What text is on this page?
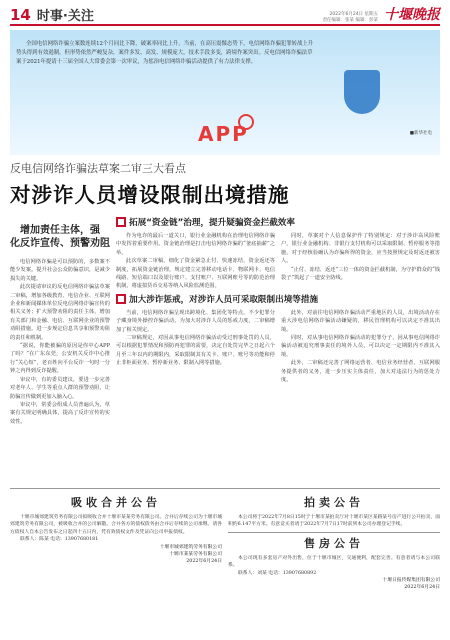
14 时事·关注	2022年6月24日 星期五
责任编辑：张某 编辑：彭某 十堰晚报
全国电信网络诈骗立案数连续12个月同比下降，破案率同比上升。当前，在高压震慑态势下，电信网络诈骗犯罪转战上升势头得到有效遏制，但形势依然严峻复杂，案件多发、高发、规模庞大，技术手段多变，跨境作案突出。反电信网络诈骗法草案于2021年提请十三届全国人大常委会第一次审议，为惩治电信网络诈骗活动提供了有力法律支撑。
APP	■新华社电
反电信网络诈骗法草案二审三大看点
对涉诈人员增设限制出境措施
增加责任主体，强
化反诈宣传、预警劝阻

电信网络诈骗是可以预防的，多数案不能少发案。提升社会公众防骗意识，是减少损失的关键。

此次提请审议的反电信网络诈骗法草案二审稿，增加各级教育、电信企业、互联网企业和新闻媒体单位反电信网络诈骗宣传的相关义务；扩大预警劝阻的责任主体，增加有关部门和金融、电信、互联网企业的预警劝阻措施。进一步规定信息共享和预警劝阻的责任和机制。

“据说，你能被骗的原因是你中心APP了吗？”在广东东莞，公安机关反诈中心推行“关心短”，老百姓向平台反诈一句时一分钟之内得到反诈提醒。

审议中，有的委员建议，要进一步完善对老年人、学生等重点人群的预警劝阻，让防骗宣传做到更加入脑入心。

审议中，常委会组成人员普遍认为，草案有关规定明确具体，提高了反诈宣传的实效性。

拓展“资金链”治理，提升疑骗资金拦截效率

作为电诈的最后一道关口，银行业金融机构在治理电信网络诈骗中发挥着重要作用。资金链治理是打击电信网络诈骗的“釜底抽薪”之举。

此次草案二审稿，细化了资金紧急止付、快速冻结、资金返还等制度，拓展资金链治理。规定建立完善移动电话卡、物联网卡、电信线路、短信端口以及银行账户、支付账户、互联网账号等的防范治理机制，将虚拟货币交易等纳入风险监测范围。

同时，草案对个人信息保护作了特别规定：对于涉诈高风险账户，银行业金融机构、非银行支付机构可以采取限制、暂停服务等措施，对于经核验确认为诈骗所得的资金，应当按照规定及时返还被害人。

“止付、冻结、返还”三位一体的资金拦截机制，为守护群众的“钱袋子”筑起了一道安全防线。

加大涉诈惩戒，对涉诈人员可采取限制出境等措施

当前，电信网络诈骗呈现出跨境化、集团化等特点，不少犯罪分子藏身境外操控诈骗活动。为加大对涉诈人员的惩戒力度，二审稿增加了相关规定。

二审稿规定，对因从事电信网络诈骗活动受过刑事处罚的人员，可以根据犯罪情况和预防再犯罪的需要，决定自处罚完毕之日起六个月至三年以内的期限内，采取限制其有关卡、账户、账号等功能和停止非柜面业务、暂停新业务、限制入网等措施。

此外，对前往电信网络诈骗活动严重地区的人员，出境活动存在重大涉电信网络诈骗活动嫌疑的，移民管理机构可以决定不准其出境。

同时，对从事电信网络诈骗活动的犯罪分子，因从事电信网络诈骗活动被追究刑事责任的境外人员，可以决定一定期限内不准其入境。

此外，二审稿还完善了网络运营者、电信业务经营者、互联网服务提供者的义务，进一步压实主体责任，加大对违法行为的惩处力度。

吸收合并公告

十堰市城郊建筑劳务有限公司拟吸收合并十堰市某某劳务有限公司。合并后存续公司为十堰市城郊建筑劳务有限公司，被吸收合并的公司解散。合并各方的债权债务由合并后存续的公司承继。请各方债权人自本公告发布之日起四十五日内，凭有效债权文件及凭证向公司申报债权。

联系人：陈某 电话：13907680181

十堰市城郊建筑劳务有限公司
十堰市某某劳务有限公司
2022年6月24日
拍卖公告

本公司将于2022年7月8日15时于十堰市某拍卖厅对十堰市某区某路某号房产进行公开拍卖，面积约6.147平方米。有意竞买者请于2022年7月7日17时前到本公司办理登记手续。

售房公告

本公司现有多套房产对外出售，位于十堰市城区，交通便利，配套完善。有意者请与本公司联系。

联系人：刘某 电话：13907680892

十堰日报传媒集团有限公司
2022年6月24日
